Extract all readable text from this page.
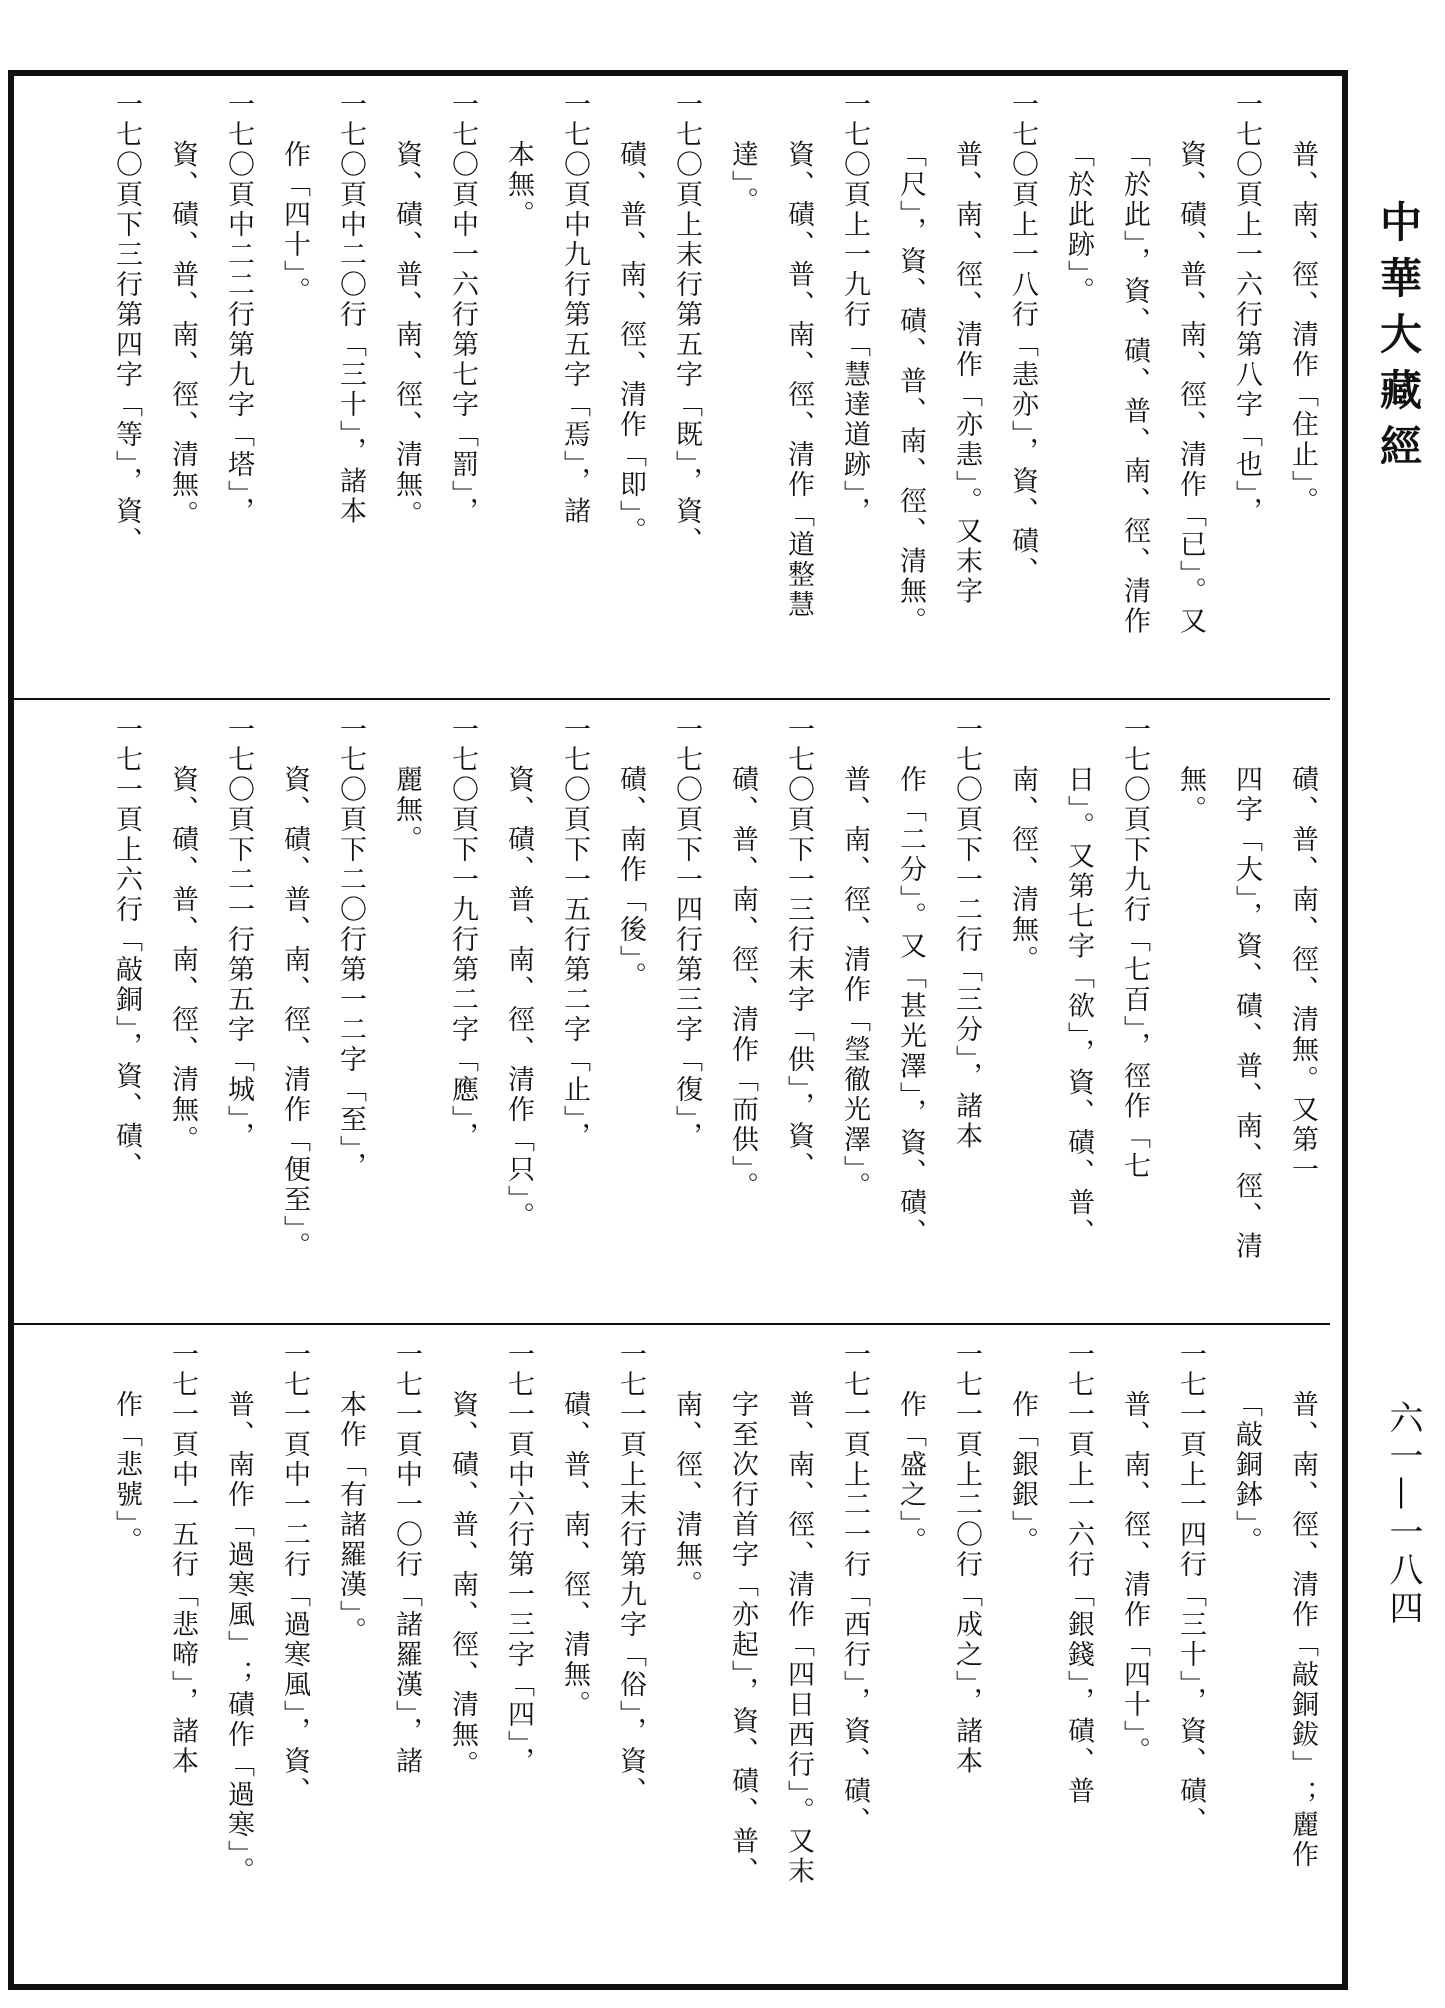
中華大藏經
六一—一八四
普、南、徑、清作「住止」。
一七〇頁上一六行第八字「也」，
資、磧、普、南、徑、清作「已」。又
「於此」，資、磧、普、南、徑、清作
「於此跡」。
一七〇頁上一八行「恚亦」，資、磧、
普、南、徑、清作「亦恚」。又末字
「尺」，資、磧、普、南、徑、清無。
一七〇頁上一九行「慧達道跡」，
資、磧、普、南、徑、清作「道整慧
達」。
一七〇頁上末行第五字「既」，資、
磧、普、南、徑、清作「即」。
一七〇頁中九行第五字「焉」，諸
本無。
一七〇頁中一六行第七字「罰」，
資、磧、普、南、徑、清無。
一七〇頁中二〇行「三十」，諸本
作「四十」。
一七〇頁中二二行第九字「塔」，
資、磧、普、南、徑、清無。
一七〇頁下三行第四字「等」，資、
磧、普、南、徑、清無。又第一
四字「大」，資、磧、普、南、徑、清
無。
一七〇頁下九行「七百」，徑作「七
日」。又第七字「欲」，資、磧、普、
南、徑、清無。
一七〇頁下一二行「三分」，諸本
作「二分」。又「甚光澤」，資、磧、
普、南、徑、清作「瑩徹光澤」。
一七〇頁下一三行末字「供」，資、
磧、普、南、徑、清作「而供」。
一七〇頁下一四行第三字「復」，
磧、南作「後」。
一七〇頁下一五行第二字「止」，
資、磧、普、南、徑、清作「只」。
一七〇頁下一九行第二字「應」，
麗無。
一七〇頁下二〇行第一二字「至」，
資、磧、普、南、徑、清作「便至」。
一七〇頁下二一行第五字「城」，
資、磧、普、南、徑、清無。
一七一頁上六行「敲銅」，資、磧、
普、南、徑、清作「敲銅鈸」；麗作
「敲銅鉢」。
一七一頁上一四行「三十」，資、磧、
普、南、徑、清作「四十」。
一七一頁上一六行「銀錢」，磧、普
作「銀銀」。
一七一頁上二〇行「成之」，諸本
作「盛之」。
一七一頁上二一行「西行」，資、磧、
普、南、徑、清作「四日西行」。又末
字至次行首字「亦起」，資、磧、普、
南、徑、清無。
一七一頁上末行第九字「俗」，資、
磧、普、南、徑、清無。
一七一頁中六行第一三字「四」，
資、磧、普、南、徑、清無。
一七一頁中一〇行「諸羅漢」，諸
本作「有諸羅漢」。
一七一頁中一二行「過寒風」，資、
普、南作「過寒風」；磧作「過寒」。
一七一頁中一五行「悲啼」，諸本
作「悲號」。
